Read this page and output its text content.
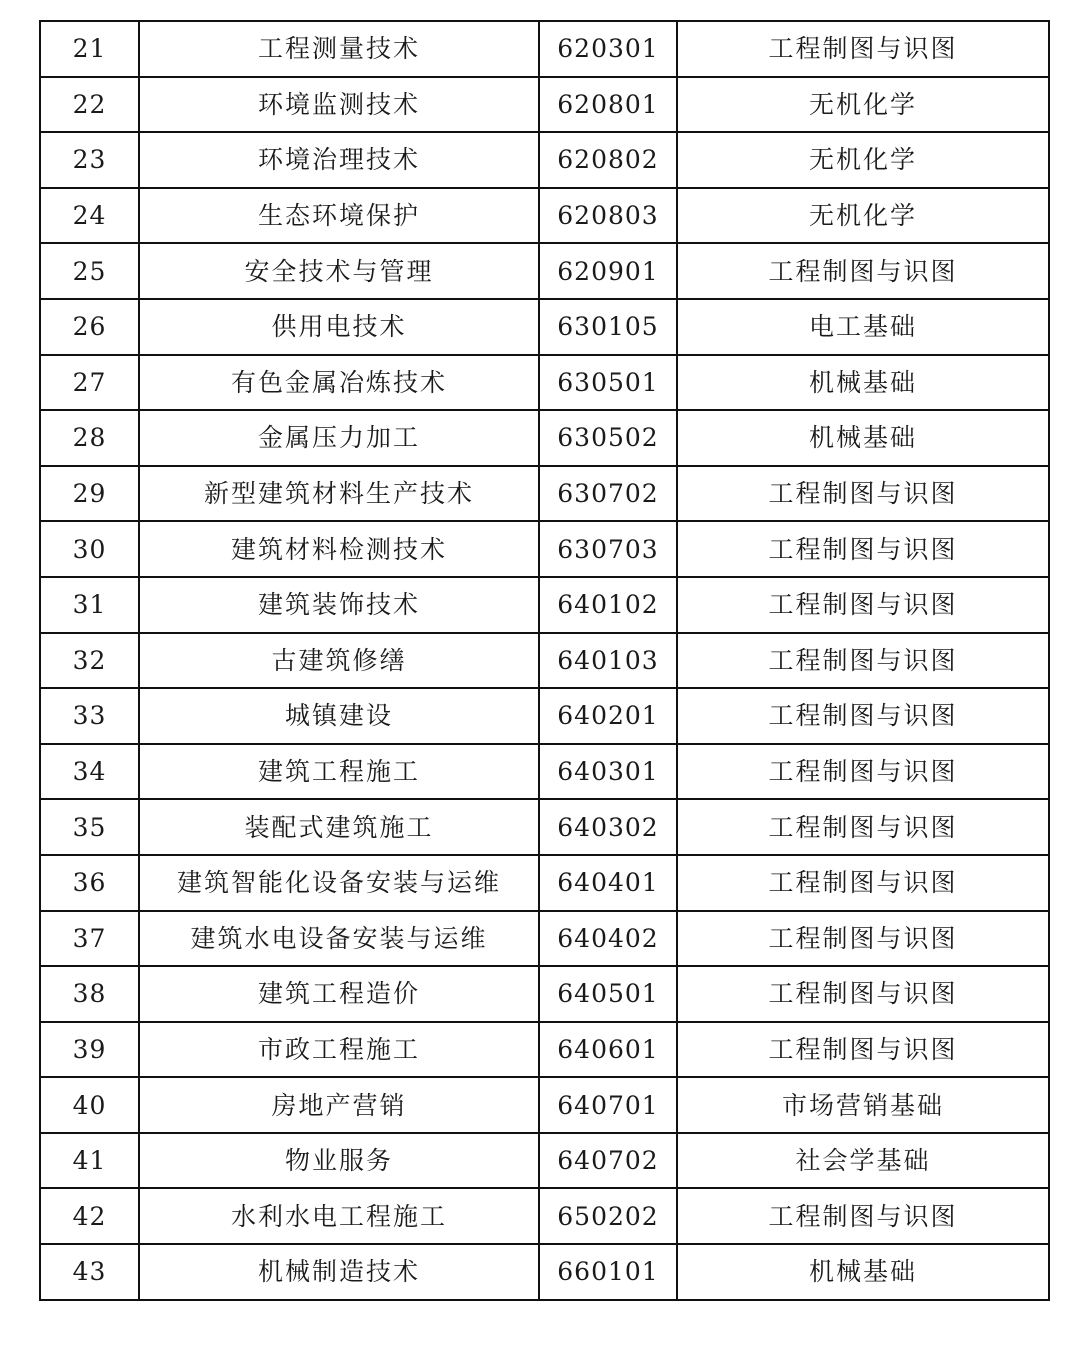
21	工程测量技术	620301	工程制图与识图
22	环境监测技术	620801	无机化学
23	环境治理技术	620802	无机化学
24	生态环境保护	620803	无机化学
25	安全技术与管理	620901	工程制图与识图
26	供用电技术	630105	电工基础
27	有色金属冶炼技术	630501	机械基础
28	金属压力加工	630502	机械基础
29	新型建筑材料生产技术	630702	工程制图与识图
30	建筑材料检测技术	630703	工程制图与识图
31	建筑装饰技术	640102	工程制图与识图
32	古建筑修缮	640103	工程制图与识图
33	城镇建设	640201	工程制图与识图
34	建筑工程施工	640301	工程制图与识图
35	装配式建筑施工	640302	工程制图与识图
36	建筑智能化设备安装与运维	640401	工程制图与识图
37	建筑水电设备安装与运维	640402	工程制图与识图
38	建筑工程造价	640501	工程制图与识图
39	市政工程施工	640601	工程制图与识图
40	房地产营销	640701	市场营销基础
41	物业服务	640702	社会学基础
42	水利水电工程施工	650202	工程制图与识图
43	机械制造技术	660101	机械基础
